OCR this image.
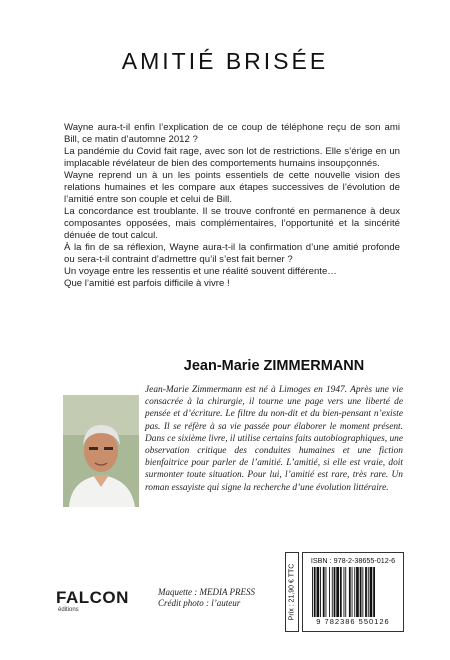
AMITIÉ BRISÉE

Wayne aura-t-il enfin l’explication de ce coup de téléphone reçu de son ami Bill, ce matin d’automne 2012 ?

La pandémie du Covid fait rage, avec son lot de restrictions. Elle s’érige en un implacable révélateur de bien des comportements humains insoupçonnés.

Wayne reprend un à un les points essentiels de cette nouvelle vision des relations humaines et les compare aux étapes successives de l’évolution de l’amitié entre son couple et celui de Bill.

La concordance est troublante. Il se trouve confronté en permanence à deux composantes opposées, mais complémentaires, l’opportunité et la sincérité dénuée de tout calcul.

À la fin de sa réflexion, Wayne aura-t-il la confirmation d’une amitié profonde ou sera-t-il contraint d’admettre qu’il s’est fait berner ?

Un voyage entre les ressentis et une réalité souvent différente…

Que l’amitié est parfois difficile à vivre !

Jean-Marie ZIMMERMANN
Jean-Marie Zimmermann est né à Limoges en 1947. Après une vie consacrée à la chirurgie, il tourne une page vers une liberté de pensée et d’écriture. Le filtre du non-dit et du bien-pensant n’existe pas. Il se réfère à sa vie passée pour élaborer le moment présent. Dans ce sixième livre, il utilise certains faits autobiographiques, une observation critique des conduites humaines et une fiction bienfaitrice pour parler de l’amitié. L’amitié, si elle est vraie, doit surmonter toute situation. Pour lui, l’amitié est rare, très rare. Un roman essayiste qui signe la recherche d’une évolution littéraire.
FALCON
éditions
Maquette : MEDIA PRESS
Crédit photo : l’auteur	Prix : 21,90 € TTC
ISBN : 978-2-38655-012-6
9 782386 550126
